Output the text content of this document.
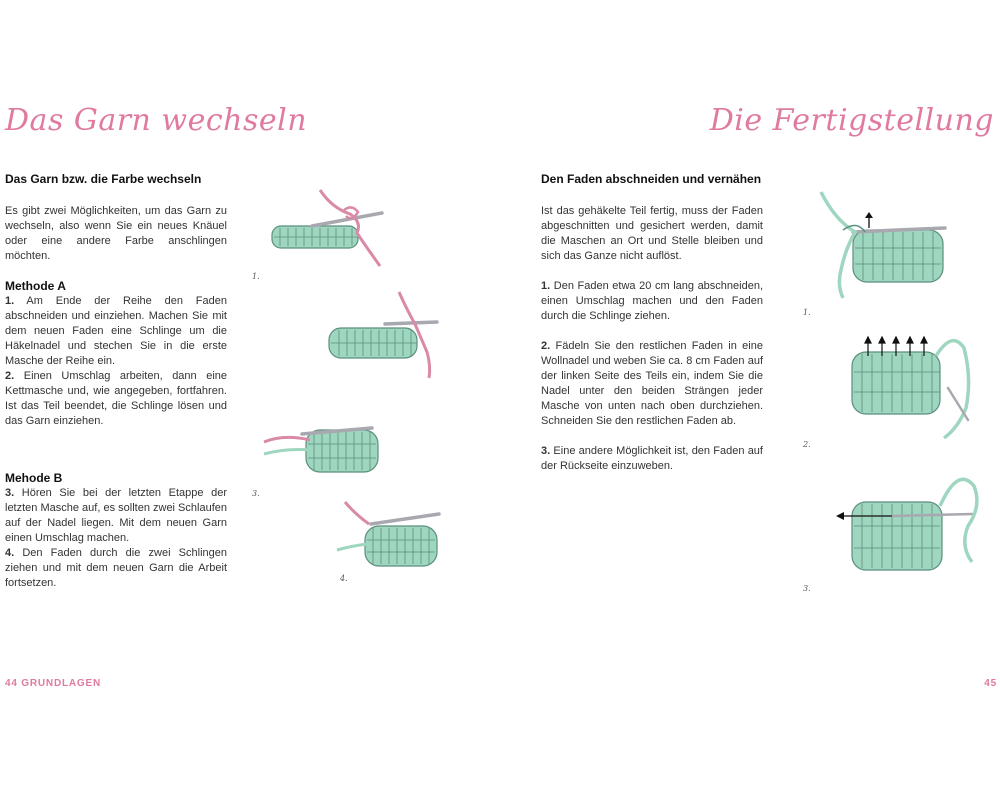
Das Garn wechseln

Das Garn bzw. die Farbe wechseln

Es gibt zwei Möglichkeiten, um das Garn zu wechseln, also wenn Sie ein neues Knäuel oder eine andere Farbe anschlingen möchten.

Methode A

1. Am Ende der Reihe den Faden abschneiden und einziehen. Machen Sie mit dem neuen Faden eine Schlinge um die Häkelnadel und stechen Sie in die erste Masche der Reihe ein.

2. Einen Umschlag arbeiten, dann eine Kettmasche und, wie angegeben, fortfahren. Ist das Teil beendet, die Schlinge lösen und das Garn einziehen.

Mehode B

3. Hören Sie bei der letzten Etappe der letzten Masche auf, es sollten zwei Schlaufen auf der Nadel liegen. Mit dem neuen Garn einen Umschlag machen.

4. Den Faden durch die zwei Schlingen ziehen und mit dem neuen Garn die Arbeit fortsetzen.

1.
3.
4.
44 GRUNDLAGEN
Die Fertigstellung

Den Faden abschneiden und vernähen

Ist das gehäkelte Teil fertig, muss der Faden abgeschnitten und gesichert werden, damit die Maschen an Ort und Stelle bleiben und sich das Ganze nicht auflöst.

1. Den Faden etwa 20 cm lang abschneiden, einen Umschlag machen und den Faden durch die Schlinge ziehen.

2. Fädeln Sie den restlichen Faden in eine Wollnadel und weben Sie ca. 8 cm Faden auf der linken Seite des Teils ein, indem Sie die Nadel unter den beiden Strängen jeder Masche von unten nach oben durchziehen. Schneiden Sie den restlichen Faden ab.

3. Eine andere Möglichkeit ist, den Faden auf der Rückseite einzuweben.

1.
2.
3.
45
